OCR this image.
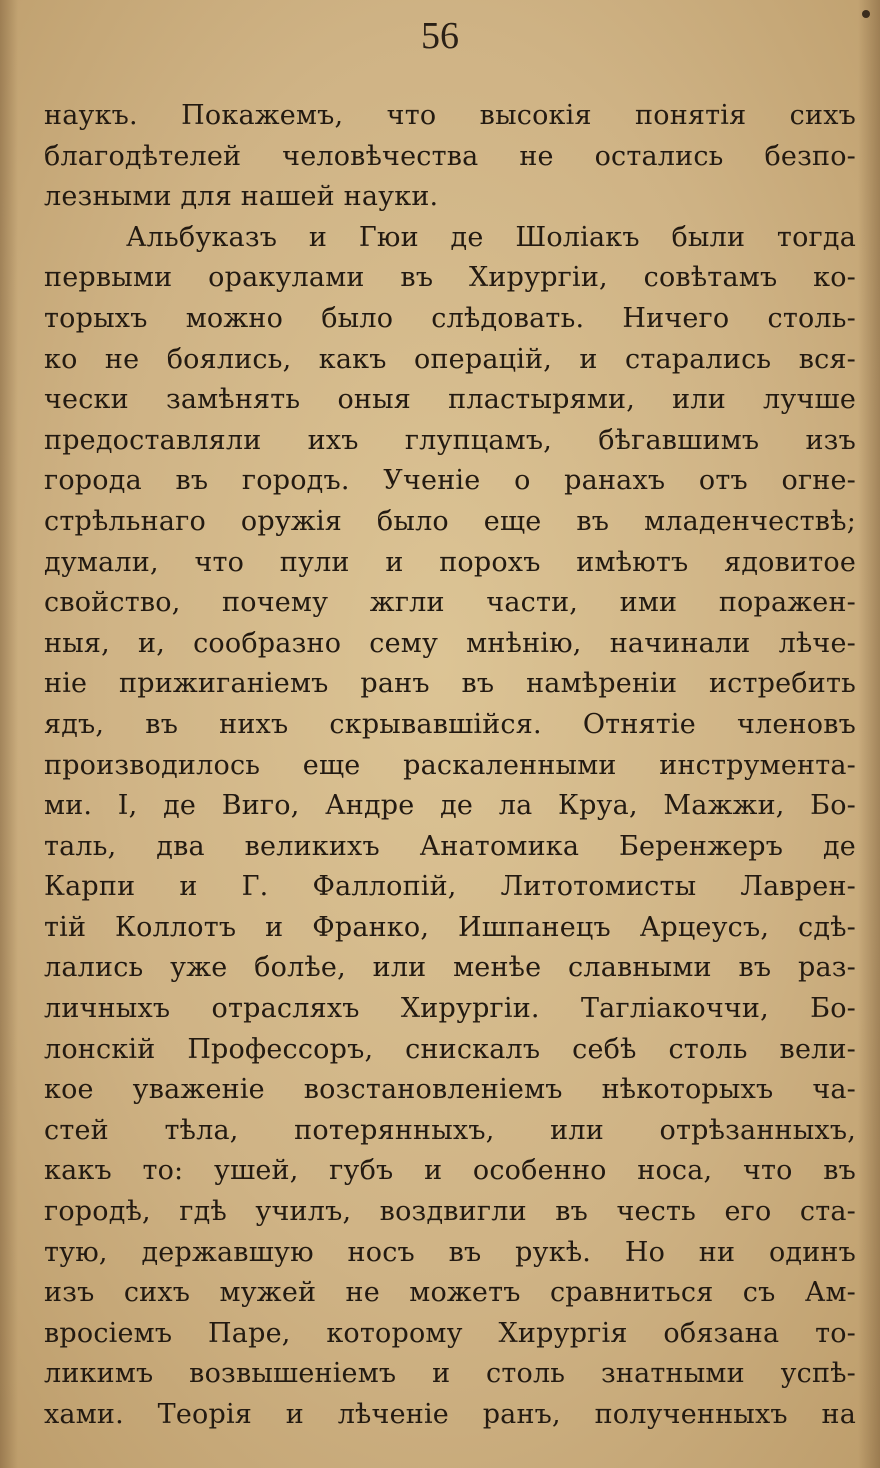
56
наукъ. Покажемъ, что высокія понятія сихъ
благодѣтелей человѣчества не остались безпо-
лезными для нашей науки.
Альбуказъ и Гюи де Шоліакъ были тогда
первыми оракулами въ Хирургіи, совѣтамъ ко-
торыхъ можно было слѣдовать. Ничего столь-
ко не боялись, какъ операцій, и старались вся-
чески замѣнять оныя пластырями, или лучше
предоставляли ихъ глупцамъ, бѣгавшимъ изъ
города въ городъ. Ученіе о ранахъ отъ огне-
стрѣльнаго оружія было еще въ младенчествѣ;
думали, что пули и порохъ имѣютъ ядовитое
свойство, почему жгли части, ими поражен-
ныя, и, сообразно сему мнѣнію, начинали лѣче-
ніе прижиганіемъ ранъ въ намѣреніи истребить
ядъ, въ нихъ скрывавшійся. Отнятіе членовъ
производилось еще раскаленными инструмента-
ми. I, де Виго, Андре де ла Круа, Мажжи, Бо-
таль, два великихъ Анатомика Беренжеръ де
Карпи и Г. Фаллопій, Литотомисты Лаврен-
тій Коллотъ и Франко, Ишпанецъ Арцеусъ, сдѣ-
лались уже болѣе, или менѣе славными въ раз-
личныхъ отрасляхъ Хирургіи. Тагліакоччи, Бо-
лонскій Профессоръ, снискалъ себѣ столь вели-
кое уваженіе возстановленіемъ нѣкоторыхъ ча-
стей тѣла, потерянныхъ, или отрѣзанныхъ,
какъ то: ушей, губъ и особенно носа, что въ
городѣ, гдѣ училъ, воздвигли въ честь его ста-
тую, державшую носъ въ рукѣ. Но ни одинъ
изъ сихъ мужей не можетъ сравниться съ Ам-
вросіемъ Паре, которому Хирургія обязана то-
ликимъ возвышеніемъ и столь знатными успѣ-
хами. Теорія и лѣченіе ранъ, полученныхъ на
